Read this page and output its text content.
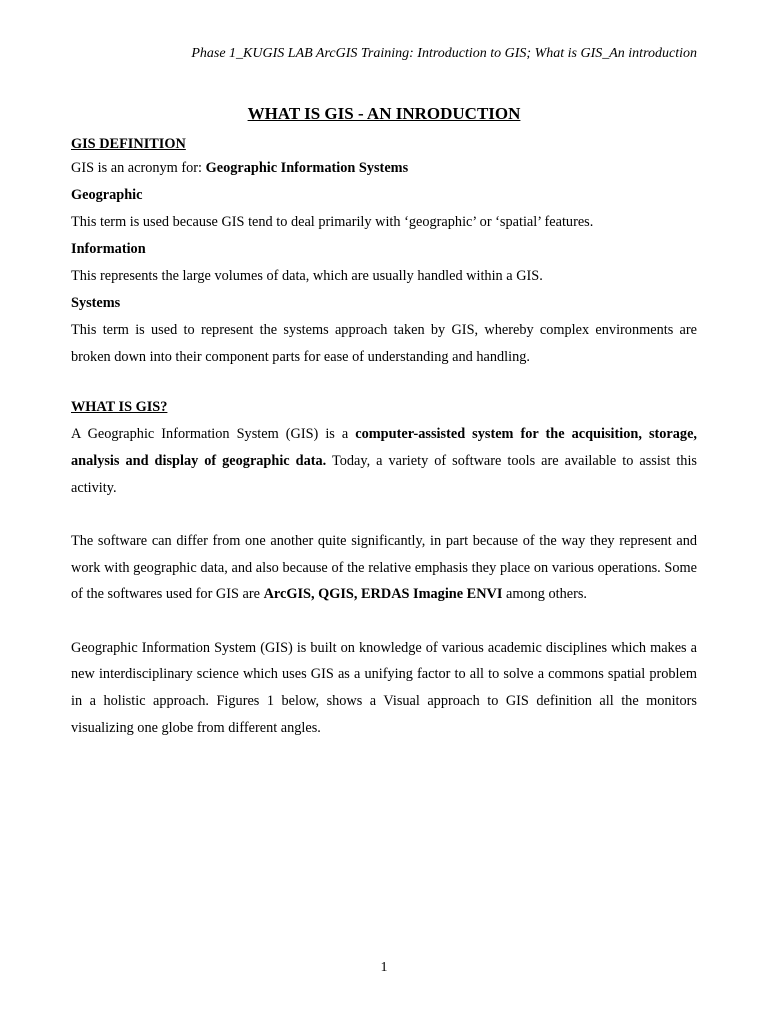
Phase 1_KUGIS LAB ArcGIS Training: Introduction to GIS; What is GIS_An introduction
WHAT IS GIS - AN INRODUCTION

GIS DEFINITION

GIS is an acronym for: Geographic Information Systems

Geographic

This term is used because GIS tend to deal primarily with ‘geographic’ or ‘spatial’ features.

Information

This represents the large volumes of data, which are usually handled within a GIS.

Systems

This term is used to represent the systems approach taken by GIS, whereby complex environments are broken down into their component parts for ease of understanding and handling.

WHAT IS GIS?

A Geographic Information System (GIS) is a computer-assisted system for the acquisition, storage, analysis and display of geographic data. Today, a variety of software tools are available to assist this activity.

The software can differ from one another quite significantly, in part because of the way they represent and work with geographic data, and also because of the relative emphasis they place on various operations. Some of the softwares used for GIS are ArcGIS, QGIS, ERDAS Imagine ENVI among others.

Geographic Information System (GIS) is built on knowledge of various academic disciplines which makes a new interdisciplinary science which uses GIS as a unifying factor to all to solve a commons spatial problem in a holistic approach. Figures 1 below, shows a Visual approach to GIS definition all the monitors visualizing one globe from different angles.

1
